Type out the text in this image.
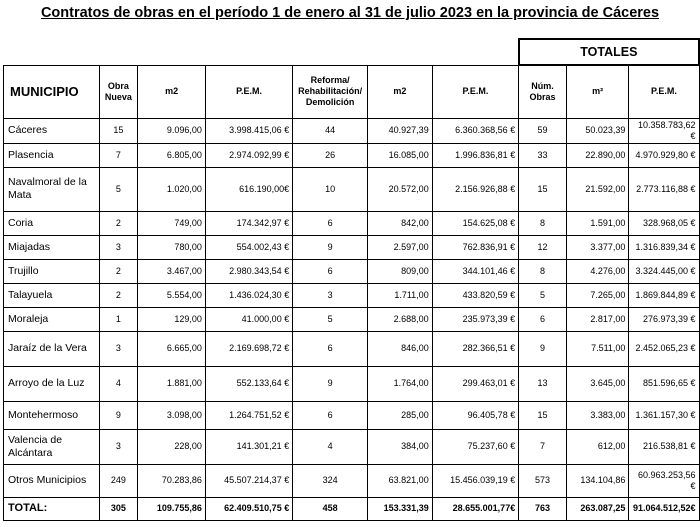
Contratos de obras en el período 1 de enero al 31 de julio 2023 en la provincia de Cáceres
							TOTALES		
MUNICIPIO	Obra Nueva	m2	P.E.M.	Reforma/ Rehabilitación/ Demolición	m2	P.E.M.	Núm. Obras	m²	P.E.M.
Cáceres	15	9.096,00	3.998.415,06 €	44	40.927,39	6.360.368,56 €	59	50.023,39	10.358.783,62 €
Plasencia	7	6.805,00	2.974.092,99 €	26	16.085,00	1.996.836,81 €	33	22.890,00	4.970.929,80 €
Navalmoral de la Mata	5	1.020,00	616.190,00€	10	20.572,00	2.156.926,88 €	15	21.592,00	2.773.116,88 €
Coria	2	749,00	174.342,97 €	6	842,00	154.625,08 €	8	1.591,00	328.968,05 €
Miajadas	3	780,00	554.002,43 €	9	2.597,00	762.836,91 €	12	3.377,00	1.316.839,34 €
Trujillo	2	3.467,00	2.980.343,54 €	6	809,00	344.101,46 €	8	4.276,00	3.324.445,00 €
Talayuela	2	5.554,00	1.436.024,30 €	3	1.711,00	433.820,59 €	5	7.265,00	1.869.844,89 €
Moraleja	1	129,00	41.000,00 €	5	2.688,00	235.973,39 €	6	2.817,00	276.973,39 €
Jaraíz de la Vera	3	6.665,00	2.169.698,72 €	6	846,00	282.366,51 €	9	7.511,00	2.452.065,23 €
Arroyo de la Luz	4	1.881,00	552.133,64 €	9	1.764,00	299.463,01 €	13	3.645,00	851.596,65 €
Montehermoso	9	3.098,00	1.264.751,52 €	6	285,00	96.405,78 €	15	3.383,00	1.361.157,30 €
Valencia de Alcántara	3	228,00	141.301,21 €	4	384,00	75.237,60 €	7	612,00	216.538,81 €
Otros Municipios	249	70.283,86	45.507.214,37 €	324	63.821,00	15.456.039,19 €	573	134.104,86	60.963.253,56 €
TOTAL:	305	109.755,86	62.409.510,75 €	458	153.331,39	28.655.001,77€	763	263.087,25	91.064.512,52€
